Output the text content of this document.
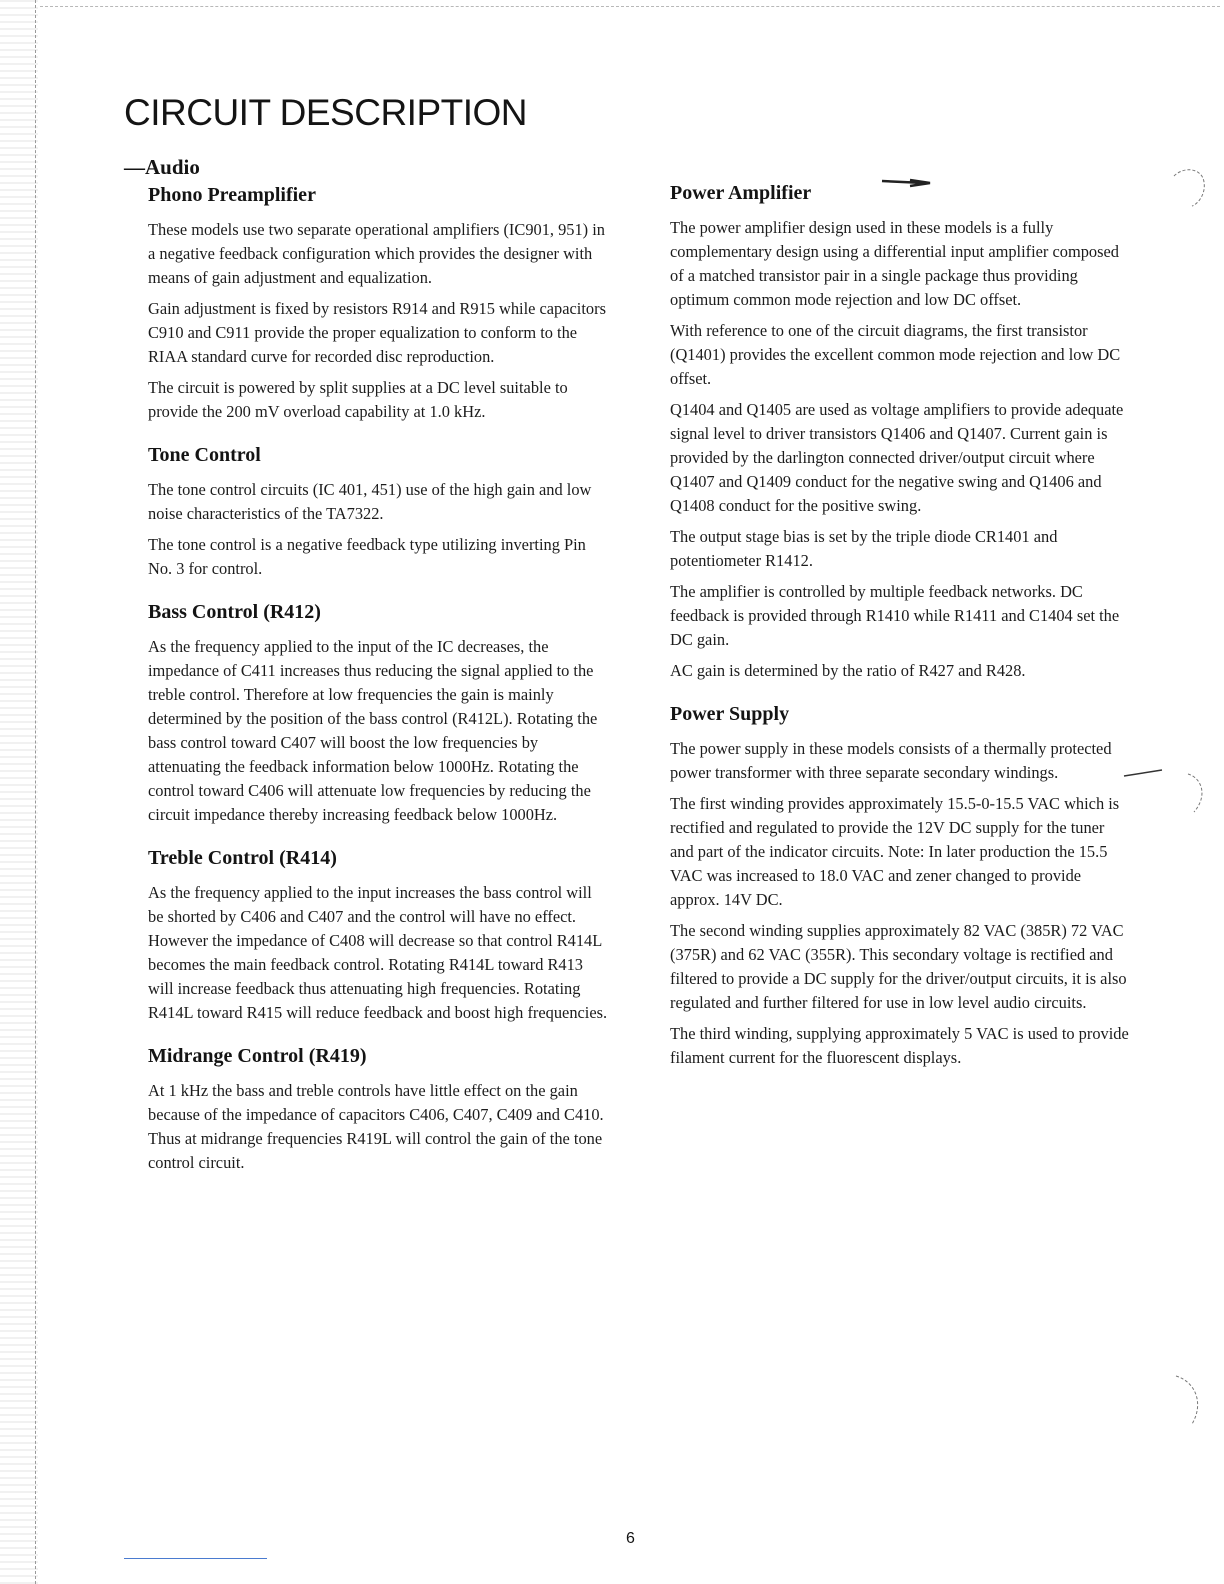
CIRCUIT DESCRIPTION
—Audio
Phono Preamplifier

These models use two separate operational amplifiers (IC901, 951) in a negative feedback configuration which provides the designer with means of gain adjustment and equalization.

Gain adjustment is fixed by resistors R914 and R915 while capacitors C910 and C911 provide the proper equalization to conform to the RIAA standard curve for recorded disc reproduction.

The circuit is powered by split supplies at a DC level suitable to provide the 200 mV overload capability at 1.0 kHz.

Tone Control

The tone control circuits (IC 401, 451) use of the high gain and low noise characteristics of the TA7322.

The tone control is a negative feedback type utilizing inverting Pin No. 3 for control.

Bass Control (R412)

As the frequency applied to the input of the IC decreases, the impedance of C411 increases thus reducing the signal applied to the treble control. Therefore at low frequencies the gain is mainly determined by the position of the bass control (R412L). Rotating the bass control toward C407 will boost the low frequencies by attenuating the feedback information below 1000Hz. Rotating the control toward C406 will attenuate low frequencies by reducing the circuit impedance thereby increasing feedback below 1000Hz.

Treble Control (R414)

As the frequency applied to the input increases the bass control will be shorted by C406 and C407 and the control will have no effect. However the impedance of C408 will decrease so that control R414L becomes the main feedback control. Rotating R414L toward R413 will increase feedback thus attenuating high frequencies. Rotating R414L toward R415 will reduce feedback and boost high frequencies.

Midrange Control (R419)

At 1 kHz the bass and treble controls have little effect on the gain because of the impedance of capacitors C406, C407, C409 and C410. Thus at midrange frequencies R419L will control the gain of the tone control circuit.

Power Amplifier

The power amplifier design used in these models is a fully complementary design using a differential input amplifier composed of a matched transistor pair in a single package thus providing optimum common mode rejection and low DC offset.

With reference to one of the circuit diagrams, the first transistor (Q1401) provides the excellent common mode rejection and low DC offset.

Q1404 and Q1405 are used as voltage amplifiers to provide adequate signal level to driver transistors Q1406 and Q1407. Current gain is provided by the darlington connected driver/output circuit where Q1407 and Q1409 conduct for the negative swing and Q1406 and Q1408 conduct for the positive swing.

The output stage bias is set by the triple diode CR1401 and potentiometer R1412.

The amplifier is controlled by multiple feedback networks. DC feedback is provided through R1410 while R1411 and C1404 set the DC gain.

AC gain is determined by the ratio of R427 and R428.

Power Supply

The power supply in these models consists of a thermally protected power transformer with three separate secondary windings.

The first winding provides approximately 15.5-0-15.5 VAC which is rectified and regulated to provide the 12V DC supply for the tuner and part of the indicator circuits. Note: In later production the 15.5 VAC was increased to 18.0 VAC and zener changed to provide approx. 14V DC.

The second winding supplies approximately 82 VAC (385R) 72 VAC (375R) and 62 VAC (355R). This secondary voltage is rectified and filtered to provide a DC supply for the driver/output circuits, it is also regulated and further filtered for use in low level audio circuits.

The third winding, supplying approximately 5 VAC is used to provide filament current for the fluorescent displays.

6
